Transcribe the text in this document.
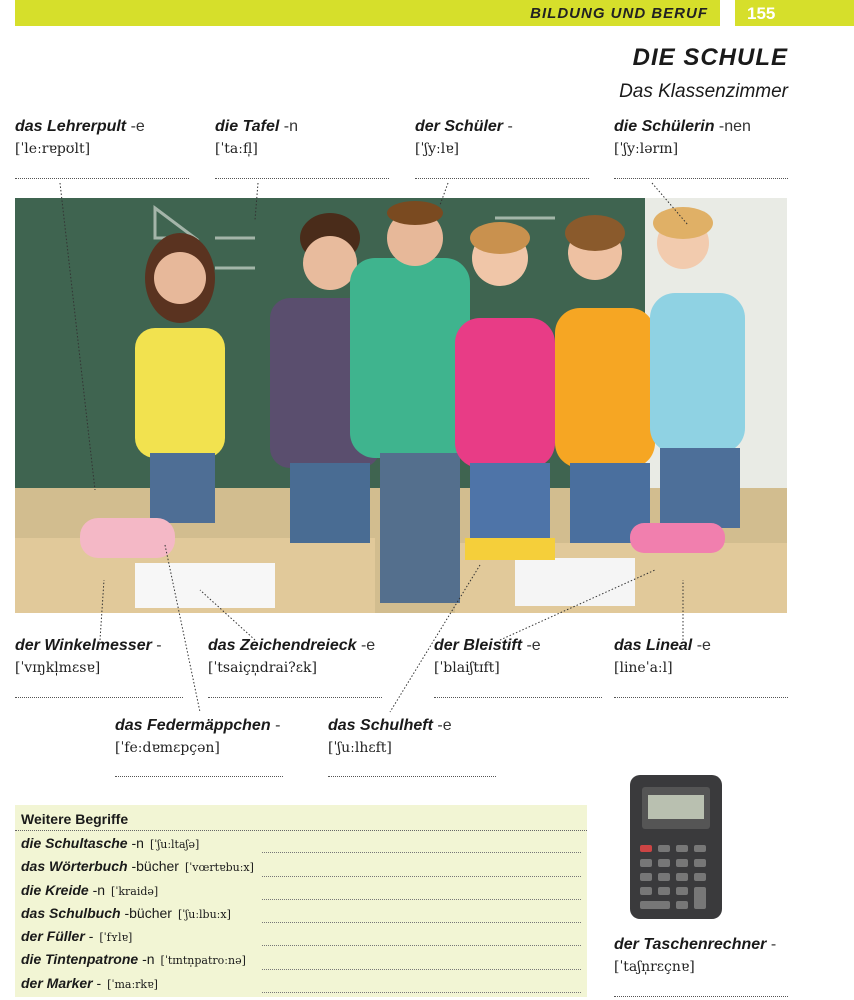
BILDUNG UND BERUF	155
DIE SCHULE
Das Klassenzimmer
das Lehrerpult -e
[ˈleːrɐpʊlt]
die Tafel -n
[ˈtaːfl̩]
der Schüler -
[ˈʃyːlɐ]
die Schülerin -nen
[ˈʃyːlərɪn]
der Winkelmesser -
[ˈvɪŋkl̩mɛsɐ]
das Zeichendreieck -e
[ˈtsaiçn̩drai?ɛk]
der Bleistift -e
[ˈblaiʃtɪft]
das Lineal -e
[lineˈaːl]
das Federmäppchen -
[ˈfeːdɐmɛpçən]
das Schulheft -e
[ˈʃuːlhɛft]
der Taschenrechner -
[ˈtaʃn̩rɛçnɐ]
Weitere Begriffe
die Schultasche -n [ˈʃuːltaʃə]
das Wörterbuch -bücher [ˈvœrtɐbuːx]
die Kreide -n [ˈkraidə]
das Schulbuch -bücher [ˈʃuːlbuːx]
der Füller - [ˈfʏlɐ]
die Tintenpatrone -n [ˈtɪntn̩patroːnə]
der Marker - [ˈmaːrkɐ]
